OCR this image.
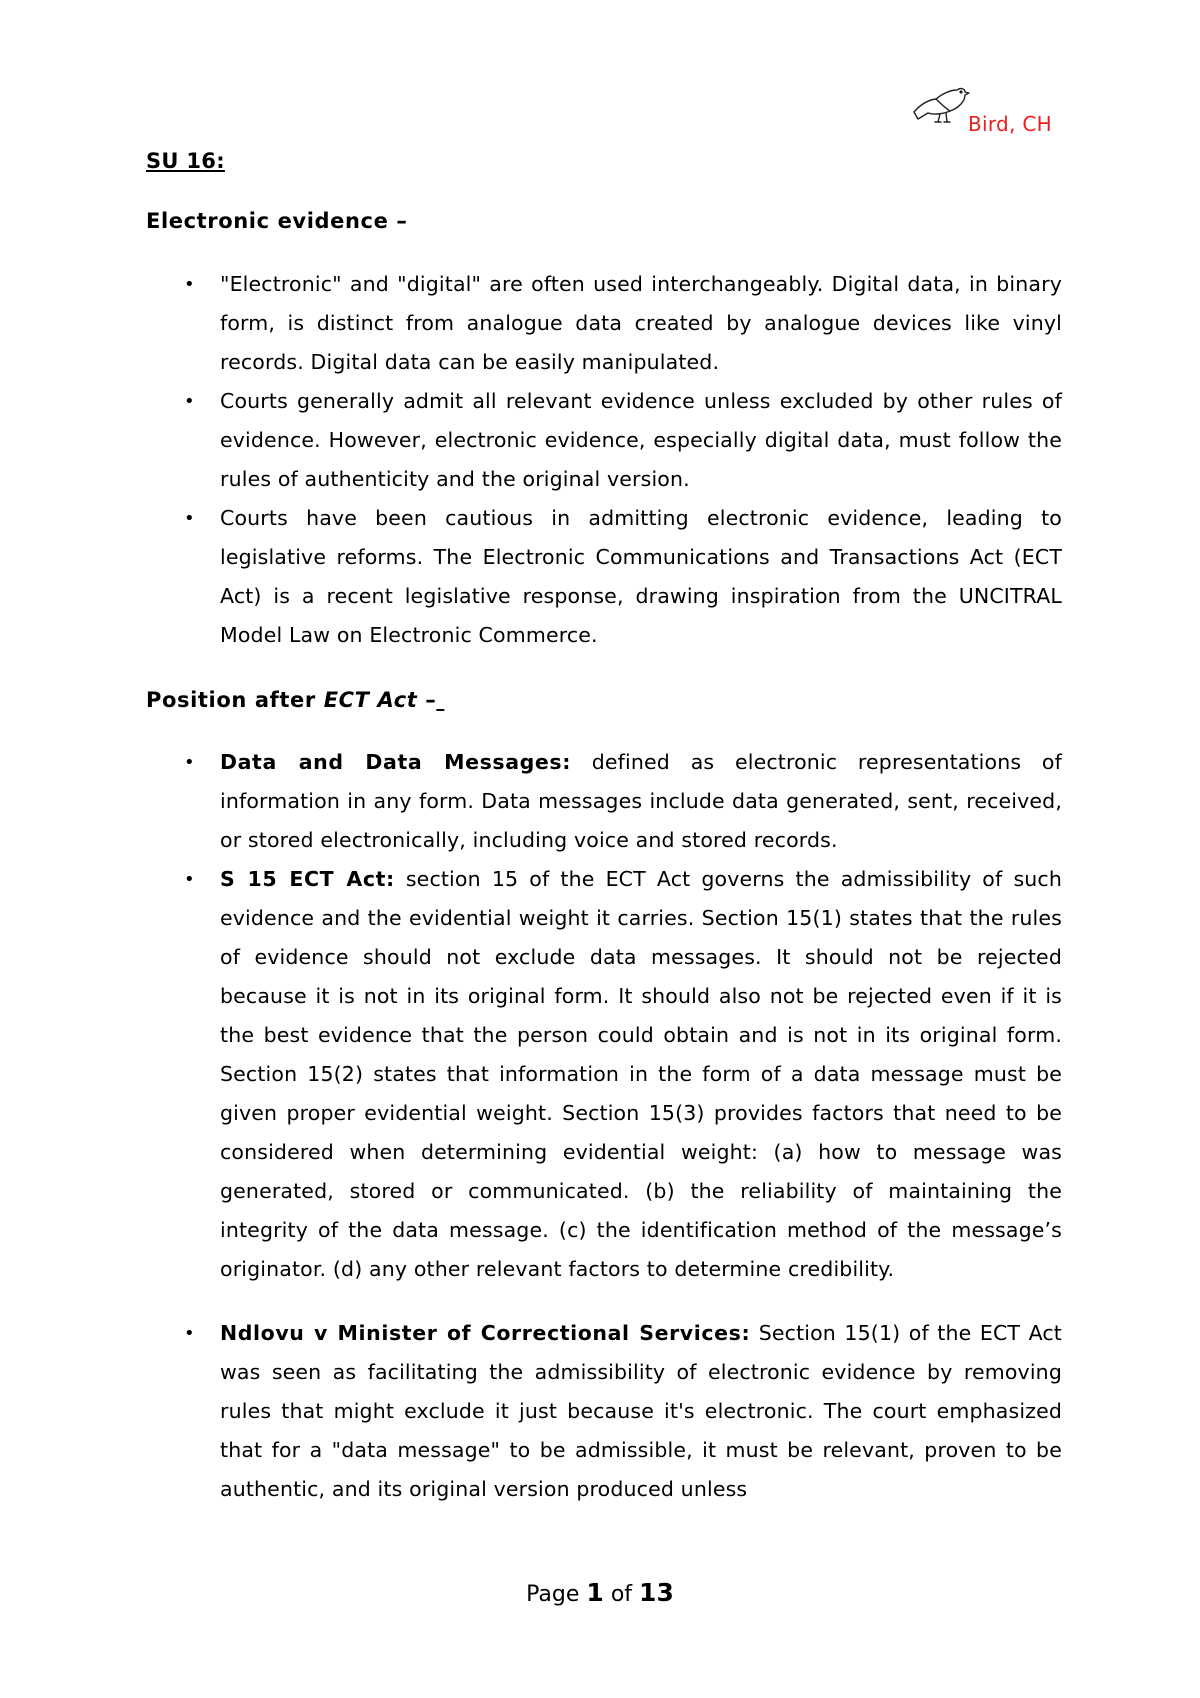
Bird, CH
SU 16:
Electronic evidence –
• "Electronic" and "digital" are often used interchangeably. Digital data, in binary form, is distinct from analogue data created by analogue devices like vinyl records. Digital data can be easily manipulated.
• Courts generally admit all relevant evidence unless excluded by other rules of evidence. However, electronic evidence, especially digital data, must follow the rules of authenticity and the original version.
• Courts have been cautious in admitting electronic evidence, leading to legislative reforms. The Electronic Communications and Transactions Act (ECT Act) is a recent legislative response, drawing inspiration from the UNCITRAL Model Law on Electronic Commerce.
Position after ECT Act –
• Data and Data Messages: defined as electronic representations of information in any form. Data messages include data generated, sent, received, or stored electronically, including voice and stored records.
• S 15 ECT Act: section 15 of the ECT Act governs the admissibility of such evidence and the evidential weight it carries. Section 15(1) states that the rules of evidence should not exclude data messages. It should not be rejected because it is not in its original form. It should also not be rejected even if it is the best evidence that the person could obtain and is not in its original form. Section 15(2) states that information in the form of a data message must be given proper evidential weight. Section 15(3) provides factors that need to be considered when determining evidential weight: (a) how to message was generated, stored or communicated. (b) the reliability of maintaining the integrity of the data message. (c) the identification method of the message’s originator. (d) any other relevant factors to determine credibility.
• Ndlovu v Minister of Correctional Services: Section 15(1) of the ECT Act was seen as facilitating the admissibility of electronic evidence by removing rules that might exclude it just because it's electronic. The court emphasized that for a "data message" to be admissible, it must be relevant, proven to be authentic, and its original version produced unless
Page 1 of 13
